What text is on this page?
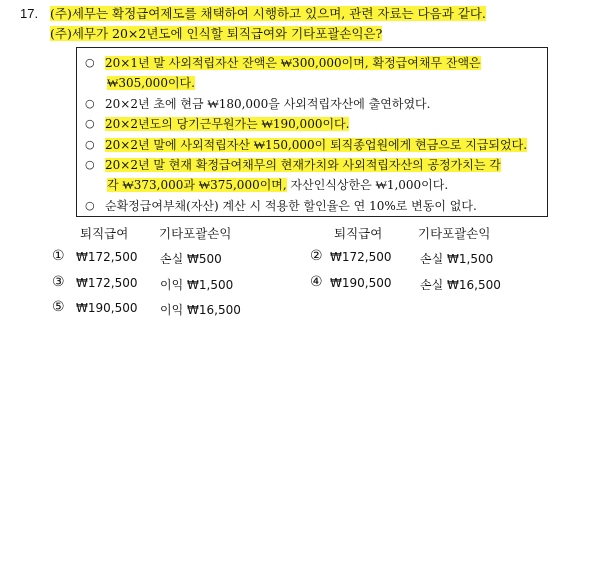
17. (주)세무는 확정급여제도를 채택하여 시행하고 있으며, 관련 자료는 다음과 같다.
(주)세무가 20×2년도에 인식할 퇴직급여와 기타포괄손익은?
○ 20×1년 말 사외적립자산 잔액은 ₩300,000이며, 확정급여채무 잔액은
₩305,000이다.
○ 20×2년 초에 현금 ₩180,000을 사외적립자산에 출연하였다.
○ 20×2년도의 당기근무원가는 ₩190,000이다.
○ 20×2년 말에 사외적립자산 ₩150,000이 퇴직종업원에게 현금으로 지급되었다.
○ 20×2년 말 현재 확정급여채무의 현재가치와 사외적립자산의 공정가치는 각
각 ₩373,000과 ₩375,000이며, 자산인식상한은 ₩1,000이다.
○ 순확정급여부채(자산) 계산 시 적용한 할인율은 연 10%로 변동이 없다.
퇴직급여 기타포괄손익	퇴직급여	기타포괄손익
① ₩172,500 손실 ₩500	② ₩172,500 손실 ₩1,500
③ ₩172,500 이익 ₩1,500	④ ₩190,500 손실 ₩16,500
⑤ ₩190,500 이익 ₩16,500
